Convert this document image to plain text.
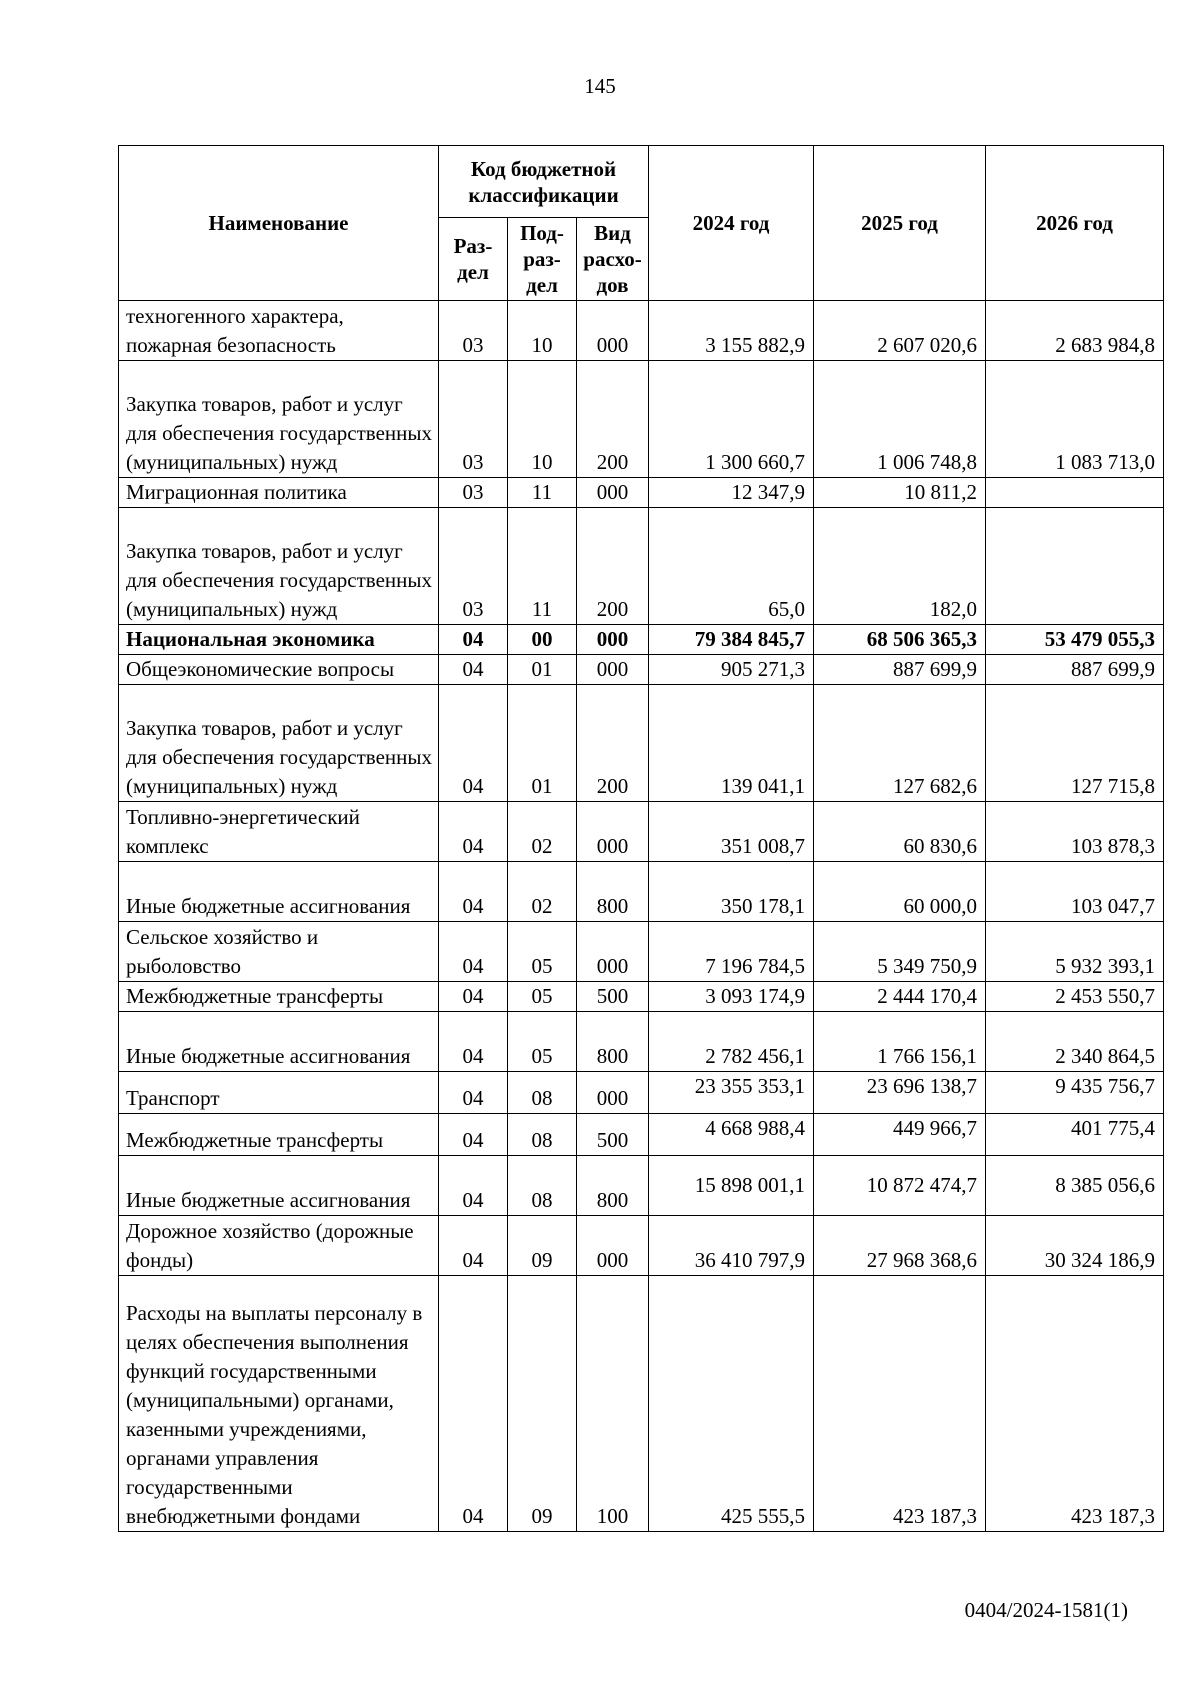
145
Наименование	Код бюджетной классификации			2024 год	2025 год	2026 год
	Раз-дел	Под-раз-дел	Вид расхо-дов			
техногенного характера, пожарная безопасность	03	10	000	3 155 882,9	2 607 020,6	2 683 984,8
Закупка товаров, работ и услуг для обеспечения государственных (муниципальных) нужд	03	10	200	1 300 660,7	1 006 748,8	1 083 713,0
Миграционная политика	03	11	000	12 347,9	10 811,2	
Закупка товаров, работ и услуг для обеспечения государственных (муниципальных) нужд	03	11	200	65,0	182,0	
Национальная экономика	04	00	000	79 384 845,7	68 506 365,3	53 479 055,3
Общеэкономические вопросы	04	01	000	905 271,3	887 699,9	887 699,9
Закупка товаров, работ и услуг для обеспечения государственных (муниципальных) нужд	04	01	200	139 041,1	127 682,6	127 715,8
Топливно-энергетический комплекс	04	02	000	351 008,7	60 830,6	103 878,3
Иные бюджетные ассигнования	04	02	800	350 178,1	60 000,0	103 047,7
Сельское хозяйство и рыболовство	04	05	000	7 196 784,5	5 349 750,9	5 932 393,1
Межбюджетные трансферты	04	05	500	3 093 174,9	2 444 170,4	2 453 550,7
Иные бюджетные ассигнования	04	05	800	2 782 456,1	1 766 156,1	2 340 864,5
Транспорт	04	08	000	23 355 353,1	23 696 138,7	9 435 756,7
Межбюджетные трансферты	04	08	500	4 668 988,4	449 966,7	401 775,4
Иные бюджетные ассигнования	04	08	800	15 898 001,1	10 872 474,7	8 385 056,6
Дорожное хозяйство (дорожные фонды)	04	09	000	36 410 797,9	27 968 368,6	30 324 186,9
Расходы на выплаты персоналу в целях обеспечения выполнения функций государственными (муниципальными) органами, казенными учреждениями, органами управления государственными внебюджетными фондами	04	09	100	425 555,5	423 187,3	423 187,3
0404/2024-1581(1)
